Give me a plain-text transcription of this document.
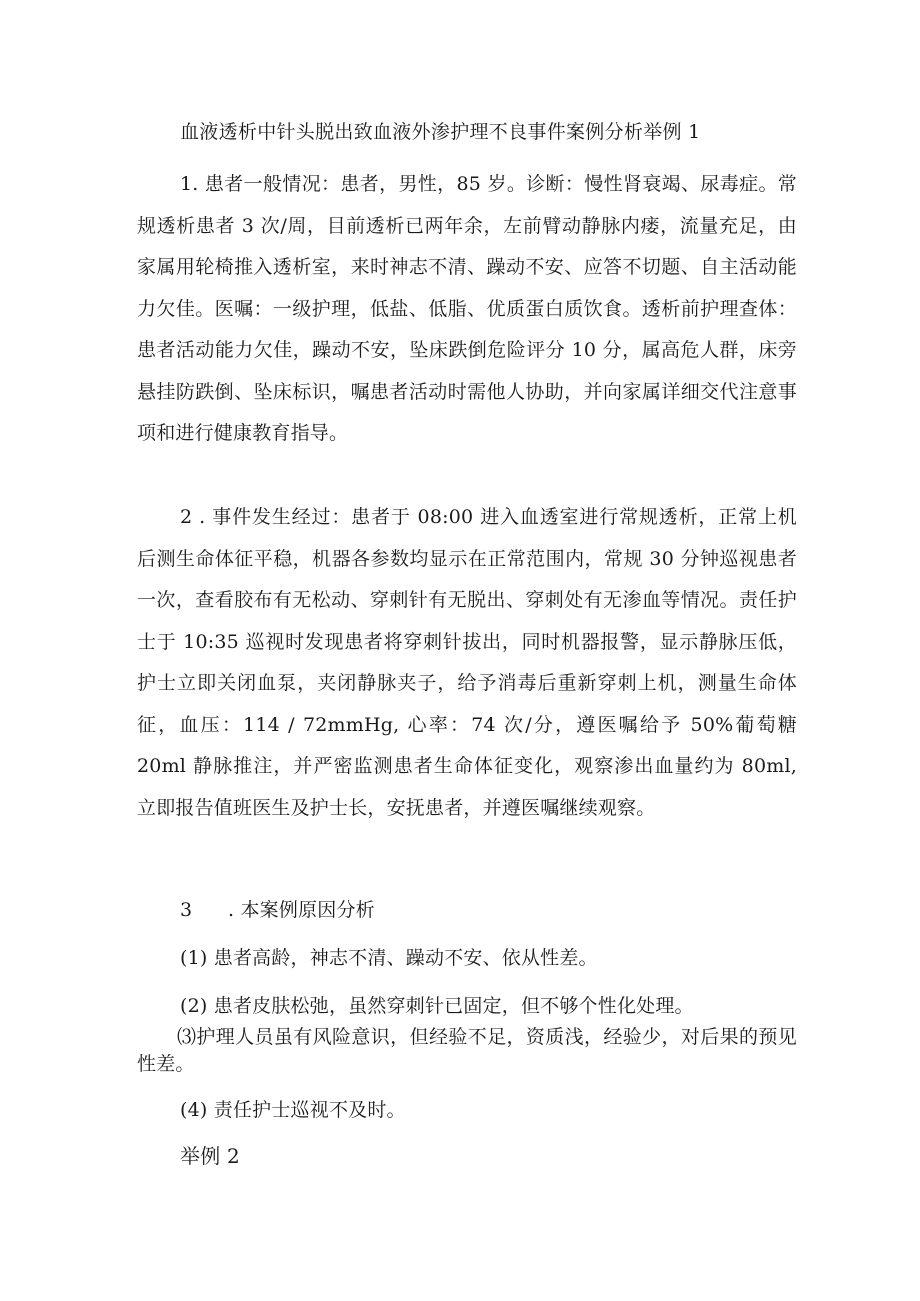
血液透析中针头脱出致血液外渗护理不良事件案例分析举例 1
1. 患者一般情况：患者，男性，85 岁。诊断：慢性肾衰竭、尿毒症。常规透析患者 3 次/周，目前透析已两年余，左前臂动静脉内瘘，流量充足，由家属用轮椅推入透析室，来时神志不清、躁动不安、应答不切题、自主活动能力欠佳。医嘱：一级护理，低盐、低脂、优质蛋白质饮食。透析前护理查体：患者活动能力欠佳，躁动不安，坠床跌倒危险评分 10 分，属高危人群，床旁悬挂防跌倒、坠床标识，嘱患者活动时需他人协助，并向家属详细交代注意事项和进行健康教育指导。
2 . 事件发生经过：患者于 08:00 进入血透室进行常规透析，正常上机后测生命体征平稳，机器各参数均显示在正常范围内，常规 30 分钟巡视患者一次，查看胶布有无松动、穿刺针有无脱出、穿刺处有无渗血等情况。责任护士于 10:35 巡视时发现患者将穿刺针拔出，同时机器报警，显示静脉压低，护士立即关闭血泵，夹闭静脉夹子，给予消毒后重新穿刺上机，测量生命体征，血压：114 / 72mmHg, 心率：74 次/分，遵医嘱给予 50%葡萄糖 20ml 静脉推注，并严密监测患者生命体征变化，观察渗出血量约为 80ml, 立即报告值班医生及护士长，安抚患者，并遵医嘱继续观察。
3 . 本案例原因分析
(1) 患者高龄，神志不清、躁动不安、依从性差。
(2) 患者皮肤松弛，虽然穿刺针已固定，但不够个性化处理。
⑶护理人员虽有风险意识，但经验不足，资质浅，经验少，对后果的预见性差。
(4) 责任护士巡视不及时。
举例 2
